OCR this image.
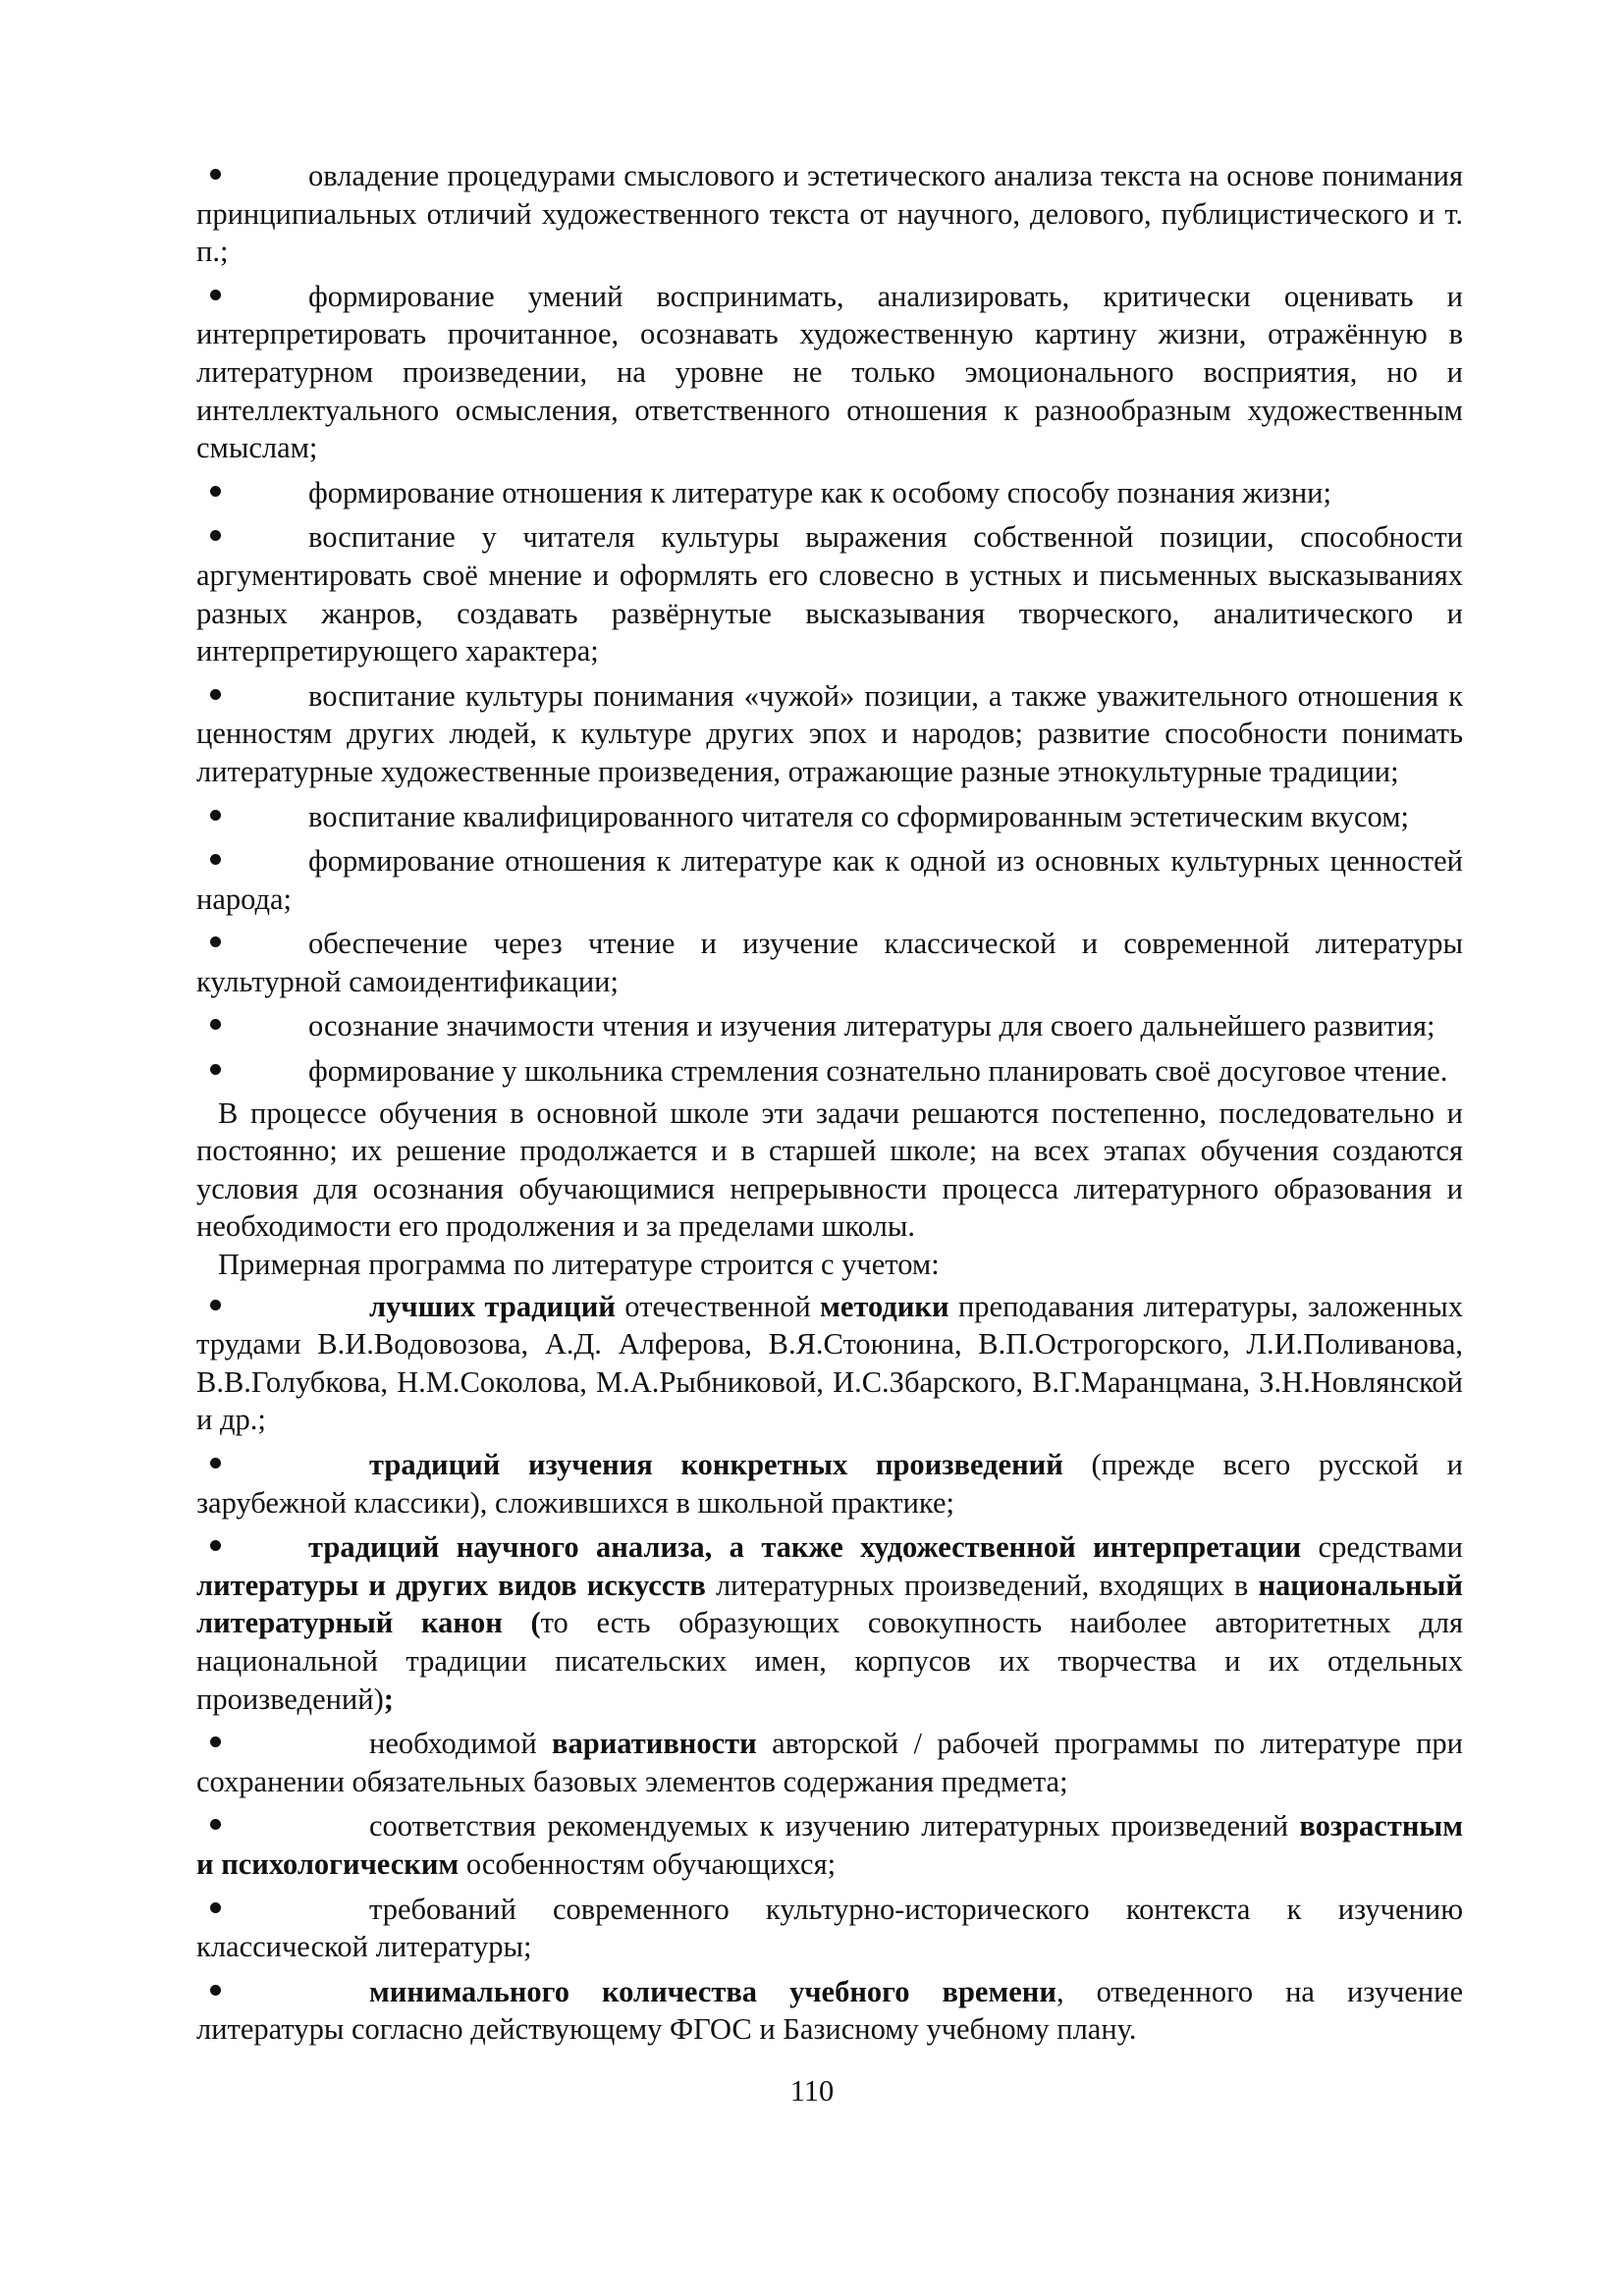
овладение процедурами смыслового и эстетического анализа текста на основе понимания принципиальных отличий художественного текста от научного, делового, публицистического и т. п.;

формирование умений воспринимать, анализировать, критически оценивать и интерпретировать прочитанное, осознавать художественную картину жизни, отражённую в литературном произведении, на уровне не только эмоционального восприятия, но и интеллектуального осмысления, ответственного отношения к разнообразным художественным смыслам;

формирование отношения к литературе как к особому способу познания жизни;

воспитание у читателя культуры выражения собственной позиции, способности аргументировать своё мнение и оформлять его словесно в устных и письменных высказываниях разных жанров, создавать развёрнутые высказывания творческого, аналитического и интерпретирующего характера;

воспитание культуры понимания «чужой» позиции, а также уважительного отношения к ценностям других людей, к культуре других эпох и народов; развитие способности понимать литературные художественные произведения, отражающие разные этнокультурные традиции;

воспитание квалифицированного читателя со сформированным эстетическим вкусом;

формирование отношения к литературе как к одной из основных культурных ценностей народа;

обеспечение через чтение и изучение классической и современной литературы культурной самоидентификации;

осознание значимости чтения и изучения литературы для своего дальнейшего развития;

формирование у школьника стремления сознательно планировать своё досуговое чтение.

В процессе обучения в основной школе эти задачи решаются постепенно, последовательно и постоянно; их решение продолжается и в старшей школе; на всех этапах обучения создаются условия для осознания обучающимися непрерывности процесса литературного образования и необходимости его продолжения и за пределами школы.

Примерная программа по литературе строится с учетом:

лучших традиций отечественной методики преподавания литературы, заложенных трудами В.И.Водовозова, А.Д. Алферова, В.Я.Стоюнина, В.П.Острогорского, Л.И.Поливанова, В.В.Голубкова, Н.М.Соколова, М.А.Рыбниковой, И.С.Збарского, В.Г.Маранцмана, З.Н.Новлянской и др.;

традиций изучения конкретных произведений (прежде всего русской и зарубежной классики), сложившихся в школьной практике;

традиций научного анализа, а также художественной интерпретации средствами литературы и других видов искусств литературных произведений, входящих в национальный литературный канон (то есть образующих совокупность наиболее авторитетных для национальной традиции писательских имен, корпусов их творчества и их отдельных произведений);

необходимой вариативности авторской / рабочей программы по литературе при сохранении обязательных базовых элементов содержания предмета;

соответствия рекомендуемых к изучению литературных произведений возрастным и психологическим особенностям обучающихся;

требований современного культурно-исторического контекста к изучению классической литературы;

минимального количества учебного времени, отведенного на изучение литературы согласно действующему ФГОС и Базисному учебному плану.

110
